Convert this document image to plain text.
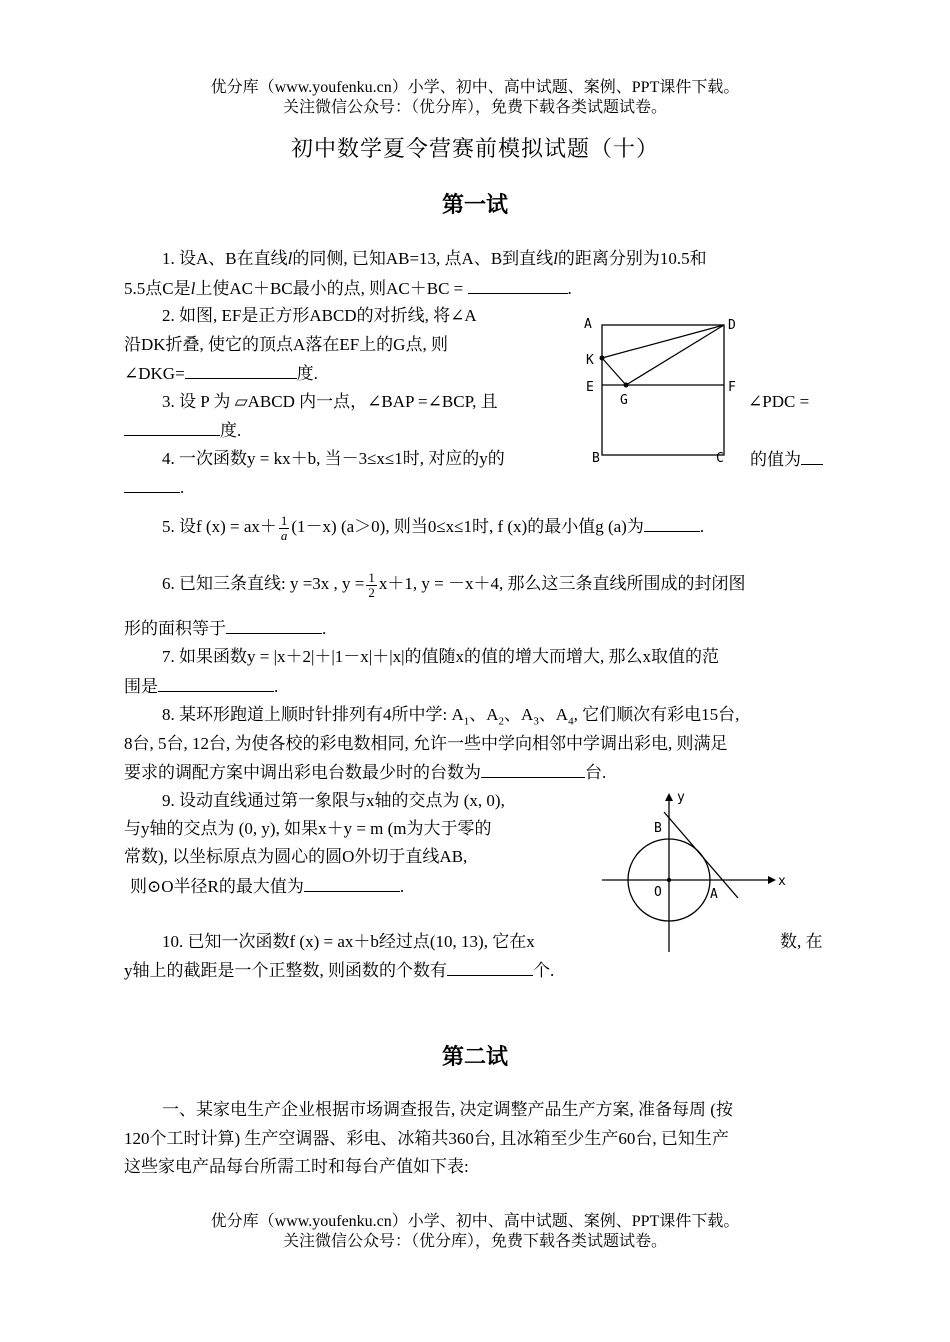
优分库（www.youfenku.cn）小学、初中、高中试题、案例、PPT课件下载。
关注微信公众号：（优分库），免费下载各类试题试卷。
初中数学夏令营赛前模拟试题（十）
第一试
1. 设A、B在直线l的同侧, 已知AB=13, 点A、B到直线l的距离分别为10.5和
5.5点C是l上使AC＋BC最小的点, 则AC＋BC =	.
2. 如图, EF是正方形ABCD的对折线, 将∠A
沿DK折叠, 使它的顶点A落在EF上的G点, 则
∠DKG=	度.
3. 设 P 为 ▱ABCD 内一点，∠BAP =∠BCP, 且	∠PDC =
度.
4. 一次函数y = kx＋b, 当－3≤x≤1时, 对应的y的	的值为
.
5. 设f $(x) = ax+ \frac{1}{a} (1-x)$ (a＞0), 则当0≤x≤1时, f (x)的最小值g (a)为	.
6. 已知三条直线: y =3x , $y = \frac{1}{2} x+1$, y = －x＋4, 那么这三条直线所围成的封闭图
形的面积等于	.
7. 如果函数y = |x＋2|＋|1－x|＋|x|的值随x的值的增大而增大, 那么x取值的范
围是	.
8. 某环形跑道上顺时针排列有4所中学: $A_1$、$A_2$、$A_3$、$A_4$, 它们顺次有彩电15台,
8台, 5台, 12台, 为使各校的彩电数相同, 允许一些中学向相邻中学调出彩电, 则满足
要求的调配方案中调出彩电台数最少时的台数为	台.
9. 设动直线通过第一象限与x轴的交点为 (x, 0),
与y轴的交点为 (0, y), 如果x＋y = m (m为大于零的
常数), 以坐标原点为圆心的圆O外切于直线AB,
则⊙O半径R的最大值为	.
10. 已知一次函数f (x) = ax＋b经过点(10, 13), 它在x	数, 在
y轴上的截距是一个正整数, 则函数的个数有	个.
A	D
K
E	F
G
B	C
x
y
O	A
B
第二试
一、某家电生产企业根据市场调查报告, 决定调整产品生产方案, 准备每周 (按
120个工时计算) 生产空调器、彩电、冰箱共360台, 且冰箱至少生产60台, 已知生产
这些家电产品每台所需工时和每台产值如下表:
优分库（www.youfenku.cn）小学、初中、高中试题、案例、PPT课件下载。
关注微信公众号：（优分库），免费下载各类试题试卷。
